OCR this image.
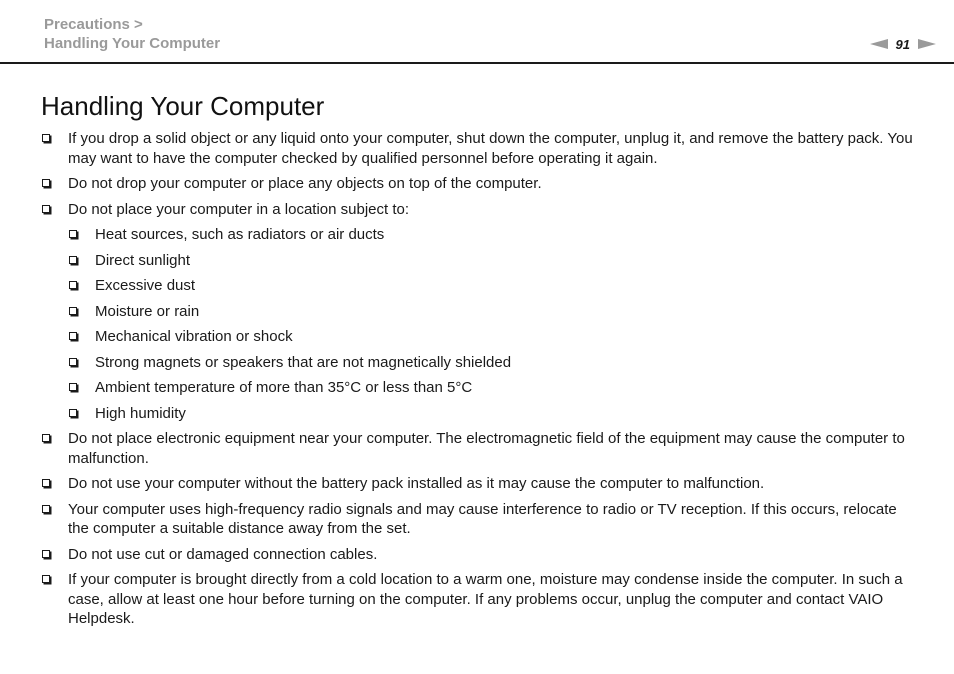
Precautions >
Handling Your Computer	91
Handling Your Computer
If you drop a solid object or any liquid onto your computer, shut down the computer, unplug it, and remove the battery pack. You may want to have the computer checked by qualified personnel before operating it again.
Do not drop your computer or place any objects on top of the computer.
Do not place your computer in a location subject to:
Heat sources, such as radiators or air ducts
Direct sunlight
Excessive dust
Moisture or rain
Mechanical vibration or shock
Strong magnets or speakers that are not magnetically shielded
Ambient temperature of more than 35°C or less than 5°C
High humidity
Do not place electronic equipment near your computer. The electromagnetic field of the equipment may cause the computer to malfunction.
Do not use your computer without the battery pack installed as it may cause the computer to malfunction.
Your computer uses high-frequency radio signals and may cause interference to radio or TV reception. If this occurs, relocate the computer a suitable distance away from the set.
Do not use cut or damaged connection cables.
If your computer is brought directly from a cold location to a warm one, moisture may condense inside the computer. In such a case, allow at least one hour before turning on the computer. If any problems occur, unplug the computer and contact VAIO Helpdesk.
